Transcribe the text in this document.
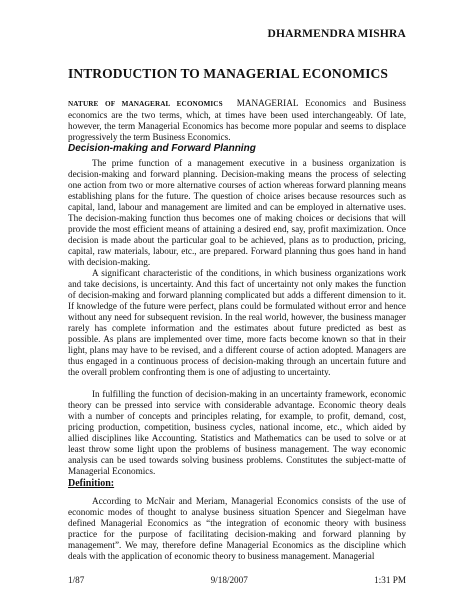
DHARMENDRA MISHRA
INTRODUCTION TO MANAGERIAL ECONOMICS

NATURE OF MANAGERAL ECONOMICS MANAGERIAL Economics and Business economics are the two terms, which, at times have been used interchangeably. Of late, however, the term Managerial Economics has become more popular and seems to displace progressively the term Business Economics.

Decision-making and Forward Planning

The prime function of a management executive in a business organization is decision-making and forward planning. Decision-making means the process of selecting one action from two or more alternative courses of action whereas forward planning means establishing plans for the future. The question of choice arises because resources such as capital, land, labour and management are limited and can be employed in alternative uses. The decision-making function thus becomes one of making choices or decisions that will provide the most efficient means of attaining a desired end, say, profit maximization. Once decision is made about the particular goal to be achieved, plans as to production, pricing, capital, raw materials, labour, etc., are prepared. Forward planning thus goes hand in hand with decision-making.

A significant characteristic of the conditions, in which business organizations work and take decisions, is uncertainty. And this fact of uncertainty not only makes the function of decision-making and forward planning complicated but adds a different dimension to it. If knowledge of the future were perfect, plans could be formulated without error and hence without any need for subsequent revision. In the real world, however, the business manager rarely has complete information and the estimates about future predicted as best as possible. As plans are implemented over time, more facts become known so that in their light, plans may have to be revised, and a different course of action adopted. Managers are thus engaged in a continuous process of decision-making through an uncertain future and the overall problem confronting them is one of adjusting to uncertainty.

In fulfilling the function of decision-making in an uncertainty framework, economic theory can be pressed into service with considerable advantage. Economic theory deals with a number of concepts and principles relating, for example, to profit, demand, cost, pricing production, competition, business cycles, national income, etc., which aided by allied disciplines like Accounting. Statistics and Mathematics can be used to solve or at least throw some light upon the problems of business management. The way economic analysis can be used towards solving business problems. Constitutes the subject-matte of Managerial Economics.

Definition:

According to McNair and Meriam, Managerial Economics consists of the use of economic modes of thought to analyse business situation Spencer and Siegelman have defined Managerial Economics as “the integration of economic theory with business practice for the purpose of facilitating decision-making and forward planning by management”. We may, therefore define Managerial Economics as the discipline which deals with the application of economic theory to business management. Managerial

1/87	9/18/2007	1:31 PM
